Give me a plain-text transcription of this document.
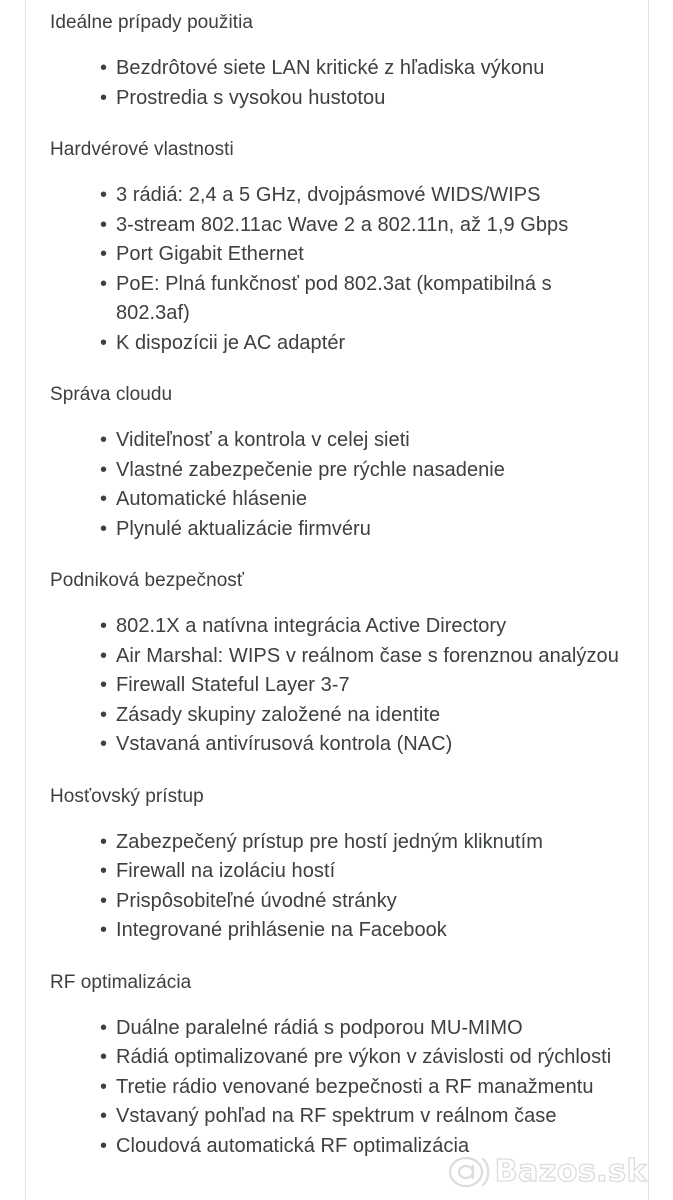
Ideálne prípady použitia
• Bezdrôtové siete LAN kritické z hľadiska výkonu
• Prostredia s vysokou hustotou
Hardvérové vlastnosti
• 3 rádiá: 2,4 a 5 GHz, dvojpásmové WIDS/WIPS
• 3-stream 802.11ac Wave 2 a 802.11n, až 1,9 Gbps
• Port Gigabit Ethernet
• PoE: Plná funkčnosť pod 802.3at (kompatibilná s 802.3af)
• K dispozícii je AC adaptér
Správa cloudu
• Viditeľnosť a kontrola v celej sieti
• Vlastné zabezpečenie pre rýchle nasadenie
• Automatické hlásenie
• Plynulé aktualizácie firmvéru
Podniková bezpečnosť
• 802.1X a natívna integrácia Active Directory
• Air Marshal: WIPS v reálnom čase s forenznou analýzou
• Firewall Stateful Layer 3-7
• Zásady skupiny založené na identite
• Vstavaná antivírusová kontrola (NAC)
Hosťovský prístup
• Zabezpečený prístup pre hostí jedným kliknutím
• Firewall na izoláciu hostí
• Prispôsobiteľné úvodné stránky
• Integrované prihlásenie na Facebook
RF optimalizácia
• Duálne paralelné rádiá s podporou MU-MIMO
• Rádiá optimalizované pre výkon v závislosti od rýchlosti
• Tretie rádio venované bezpečnosti a RF manažmentu
• Vstavaný pohľad na RF spektrum v reálnom čase
• Cloudová automatická RF optimalizácia
Bazos.sk
